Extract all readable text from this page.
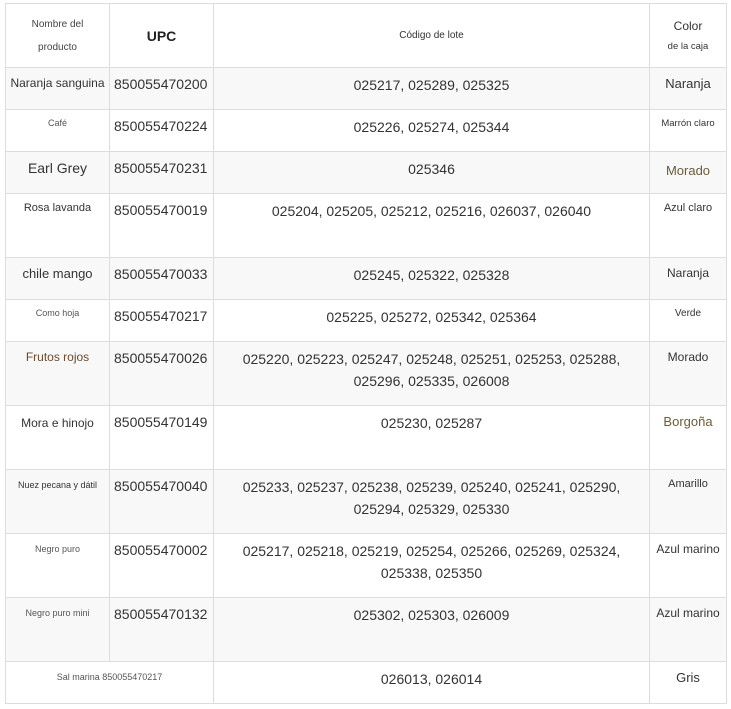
Nombre del
producto	UPC	Código de lote	Color
de la caja
Naranja sanguina	850055470200	025217, 025289, 025325	Naranja
Café	850055470224	025226, 025274, 025344	Marrón claro
Earl Grey	850055470231	025346	Morado
Rosa lavanda	850055470019	025204, 025205, 025212, 025216, 026037, 026040	Azul claro
chile mango	850055470033	025245, 025322, 025328	Naranja
Como hoja	850055470217	025225, 025272, 025342, 025364	Verde
Frutos rojos	850055470026	025220, 025223, 025247, 025248, 025251, 025253, 025288, 025296, 025335, 026008	Morado
Mora e hinojo	850055470149	025230, 025287	Borgoña
Nuez pecana y dátil	850055470040	025233, 025237, 025238, 025239, 025240, 025241, 025290, 025294, 025329, 025330	Amarillo
Negro puro	850055470002	025217, 025218, 025219, 025254, 025266, 025269, 025324, 025338, 025350	Azul marino
Negro puro mini	850055470132	025302, 025303, 026009	Azul marino
Sal marina 850055470217		026013, 026014	Gris
